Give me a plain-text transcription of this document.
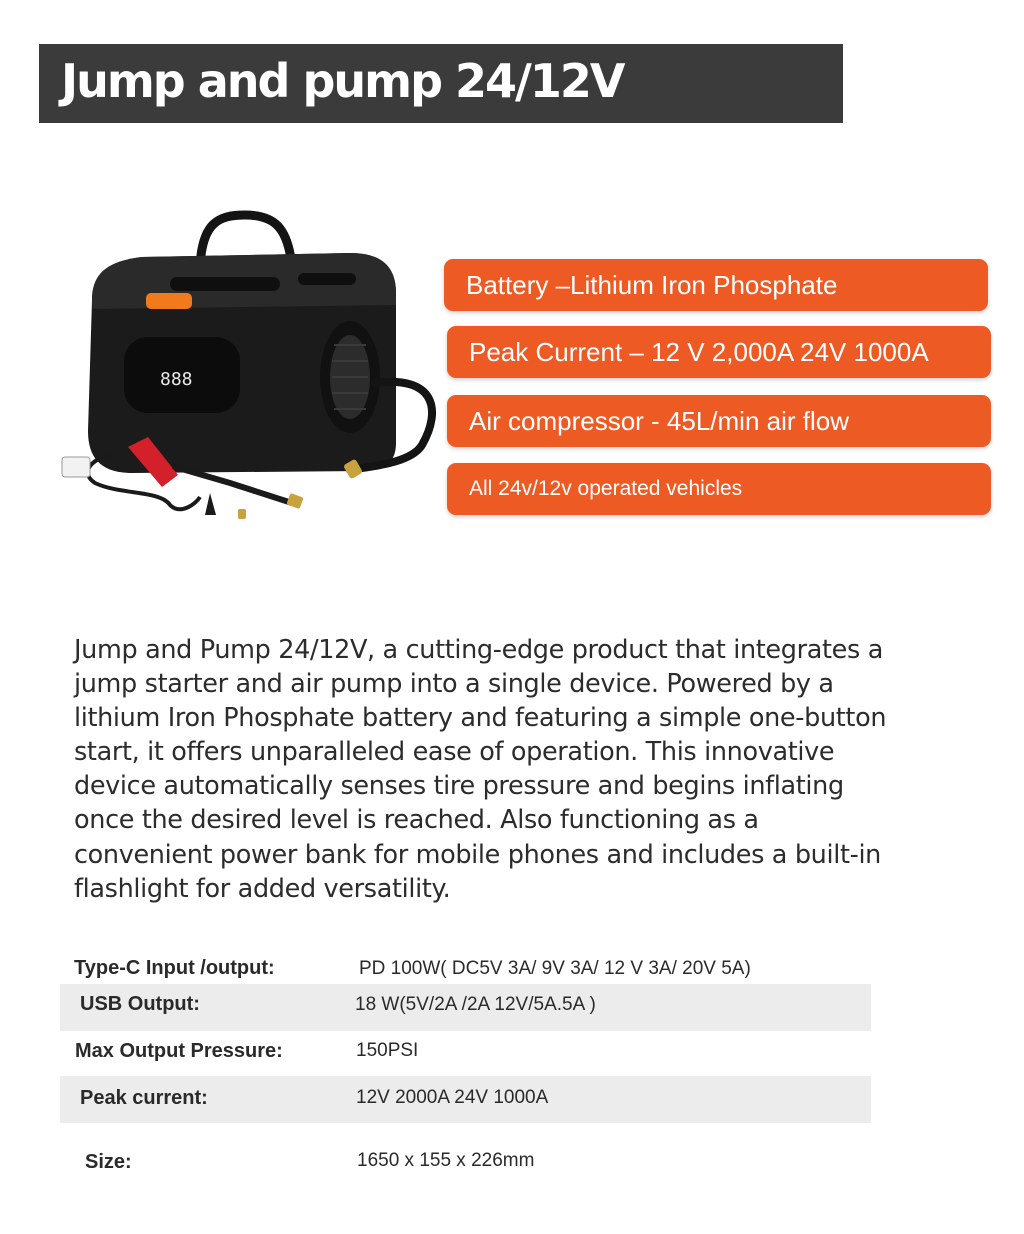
Jump and pump 24/12V
888
Battery –Lithium Iron Phosphate
Peak Current – 12 V 2,000A 24V 1000A
Air compressor - 45L/min air flow
All 24v/12v operated vehicles

Jump and Pump 24/12V, a cutting-edge product that integrates a jump starter and air pump into a single device. Powered by a lithium Iron Phosphate battery and featuring a simple one-button start, it offers unparalleled ease of operation. This innovative device automatically senses tire pressure and begins inflating once the desired level is reached. Also functioning as a convenient power bank for mobile phones and includes a built-in flashlight for added versatility.

Type-C Input /output:	PD 100W( DC5V 3A/ 9V 3A/ 12 V 3A/ 20V 5A)
USB Output:	18 W(5V/2A /2A 12V/5A.5A )
Max Output Pressure:	150PSI
Peak current:	12V 2000A 24V 1000A
Size:	1650 x 155 x 226mm
